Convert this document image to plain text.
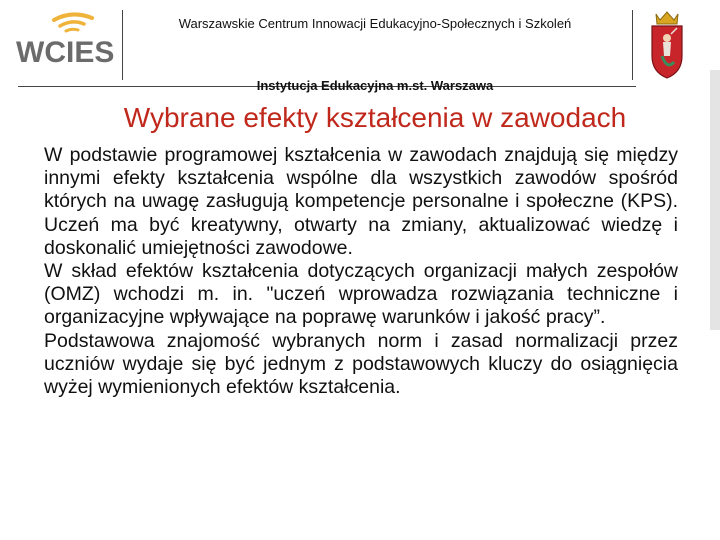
WCIES
Warszawskie Centrum Innowacji Edukacyjno-Społecznych i Szkoleń
Instytucja Edukacyjna m.st. Warszawa
Wybrane efekty kształcenia w zawodach

W podstawie programowej kształcenia w zawodach znajdują się między innymi efekty kształcenia wspólne dla wszystkich zawodów spośród których na uwagę zasługują kompetencje personalne i społeczne (KPS). Uczeń ma być kreatywny, otwarty na zmiany, aktualizować wiedzę i doskonalić umiejętności zawodowe.

W skład efektów kształcenia dotyczących organizacji małych zespołów (OMZ) wchodzi m. in. "uczeń wprowadza rozwiązania techniczne i organizacyjne wpływające na poprawę warunków i jakość pracy”.

Podstawowa znajomość wybranych norm i zasad normalizacji przez uczniów wydaje się być jednym z podstawowych kluczy do osiągnięcia wyżej wymienionych efektów kształcenia.
